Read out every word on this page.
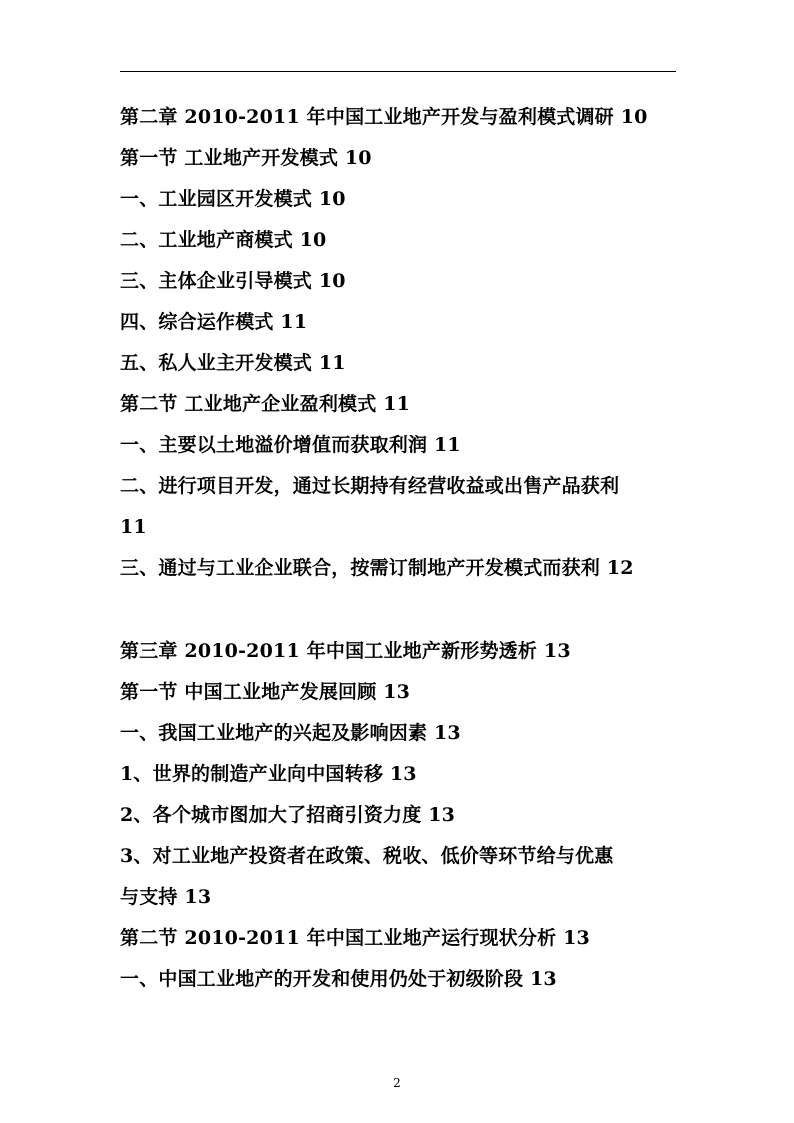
第二章 2010-2011 年中国工业地产开发与盈利模式调研 10
第一节 工业地产开发模式 10
一、工业园区开发模式 10
二、工业地产商模式 10
三、主体企业引导模式 10
四、综合运作模式 11
五、私人业主开发模式 11
第二节 工业地产企业盈利模式 11
一、主要以土地溢价增值而获取利润 11
二、进行项目开发，通过长期持有经营收益或出售产品获利
11
三、通过与工业企业联合，按需订制地产开发模式而获利 12
第三章 2010-2011 年中国工业地产新形势透析 13
第一节 中国工业地产发展回顾 13
一、我国工业地产的兴起及影响因素 13
1、世界的制造产业向中国转移 13
2、各个城市图加大了招商引资力度 13
3、对工业地产投资者在政策、税收、低价等环节给与优惠
与支持 13
第二节 2010-2011 年中国工业地产运行现状分析 13
一、中国工业地产的开发和使用仍处于初级阶段 13
2
